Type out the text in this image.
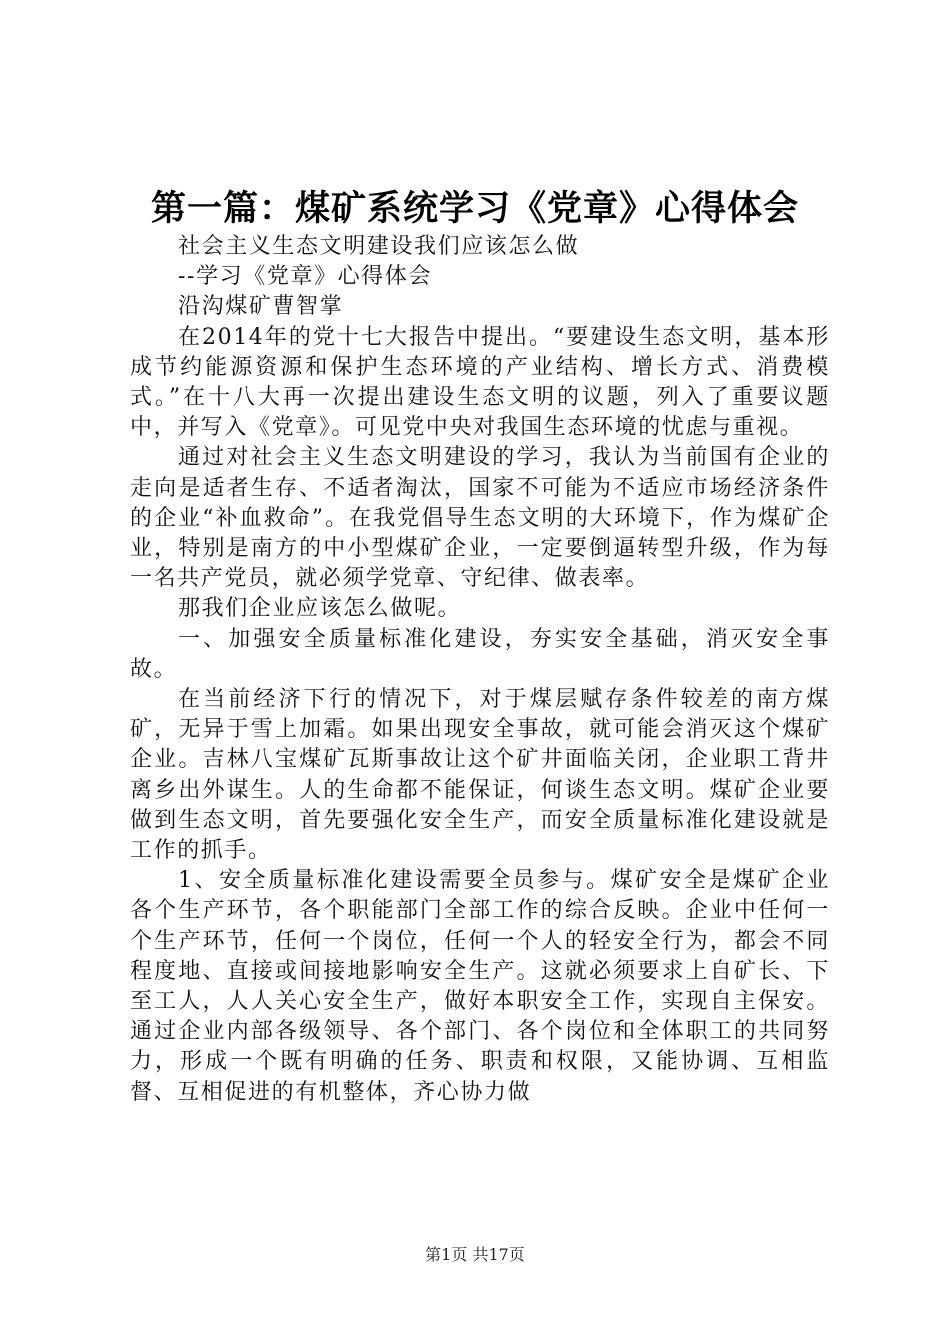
第一篇：煤矿系统学习《党章》心得体会

社会主义生态文明建设我们应该怎么做

--学习《党章》心得体会

沿沟煤矿曹智掌

在2014年的党十七大报告中提出。“要建设生态文明，基本形成节约能源资源和保护生态环境的产业结构、增长方式、消费模式。”在十八大再一次提出建设生态文明的议题，列入了重要议题中，并写入《党章》。可见党中央对我国生态环境的忧虑与重视。

通过对社会主义生态文明建设的学习，我认为当前国有企业的走向是适者生存、不适者淘汰，国家不可能为不适应市场经济条件的企业“补血救命”。在我党倡导生态文明的大环境下，作为煤矿企业，特别是南方的中小型煤矿企业，一定要倒逼转型升级，作为每一名共产党员，就必须学党章、守纪律、做表率。

那我们企业应该怎么做呢。

一、加强安全质量标准化建设，夯实安全基础，消灭安全事故。

在当前经济下行的情况下，对于煤层赋存条件较差的南方煤矿，无异于雪上加霜。如果出现安全事故，就可能会消灭这个煤矿企业。吉林八宝煤矿瓦斯事故让这个矿井面临关闭，企业职工背井离乡出外谋生。人的生命都不能保证，何谈生态文明。煤矿企业要做到生态文明，首先要强化安全生产，而安全质量标准化建设就是工作的抓手。

1、安全质量标准化建设需要全员参与。煤矿安全是煤矿企业各个生产环节，各个职能部门全部工作的综合反映。企业中任何一个生产环节，任何一个岗位，任何一个人的轻安全行为，都会不同程度地、直接或间接地影响安全生产。这就必须要求上自矿长、下至工人，人人关心安全生产，做好本职安全工作，实现自主保安。通过企业内部各级领导、各个部门、各个岗位和全体职工的共同努力，形成一个既有明确的任务、职责和权限，又能协调、互相监督、互相促进的有机整体，齐心协力做

第1页 共17页
